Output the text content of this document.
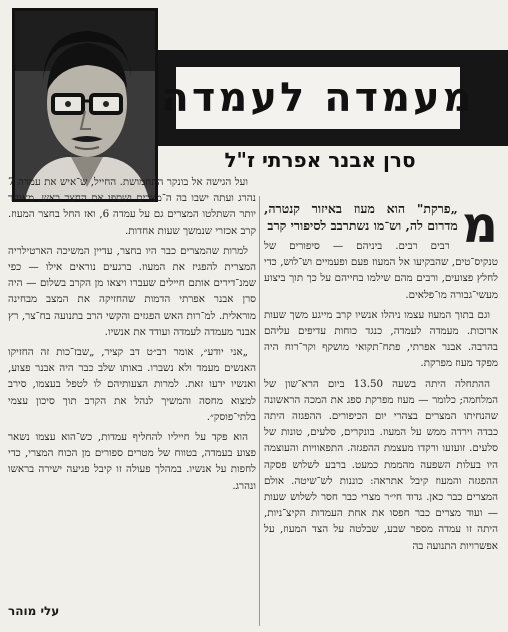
מעמדה לעמדה
סרן אבנר אפרתי ז"ל

מ
„פרקת" הוא מעוז באיזור קנטרה, מדרום לה, וש־מו נשתרבב לסיפורי קרב

רבים רבים. ביניהם — סיפורים של טנקיס־טים, שהבקיעו אל המעוז פעם ופעמיים וש־לוש, כדי לחלץ פצועים, ורבים מהם שילמו בחייהם על כך תוך ביצוע מעשי־גבורה מו־פלאים.

וגם בתוך המעוז עצמו ניהלו אנשיו קרב מייגע משך שעות ארוכות. מעמדה לעמדה, כנגד כוחות עדיפים עליהם בהרבה. אבנר אפרתי, פתח־תקואי מושקף וקר־רוח היה מפקד מעוז מפרקת.

ההתחלה היתה בשעה 13.50 ביום הרא־שון של המלחמה; כלומר — מעוז מפרקת ספג את המכה הראשונה שהנחיתו המצרים בצהרי יום הכיפורים. ההפגזה היתה כבדה וירדה ממש על המעוז. בונקרים, סלעים, טונות של סלעים. זועזעו ורקדו מעצמת ההפגזה. התפאוויות והעוצמה היו בעלות השפעה מהממת כמעט. ברבע לשלוש פסקה ההפגזה והמעוז קיבל אתראה: כוננות לש־שיטה. אולם המצרים כבר כאן. גדוד חי״ר מצרי כבר חסר לשלוש שעות — ועוד מצרים כבר חפסו את אחת העמדות הקיצ־ניות, היתה זו עמדה מספר שבע, שבלטה על הצד המעוז, על אפשרויות התנועה בה

ועל הגישה אל בונקר התחמושת. החייל, ש־איש את עמדה 7 נהרג ועתה ישבו בה ה־מצרים ושספו את החצר באש. מאוחר יותר השתלטו המצרים גם על עמדה 6, ואז החל בחצר המעוז. קרב אכזרי שנמשך שעות אחדות.

למרות שהמצרים כבר היו בחצר, עדיין המשיכה הארטילריה המצרית להפגיז את המעוז. ברגעים נוראים אילו — כפי שמנ־דירים אותם חיילים שעברו ויצאו מן הקרב בשלום — היה סרן אבנר אפרתי הדמות שהחזיקה את המצב מבחינה מוראלית. למ־רות האש הפגזים והקשי הרב בתנועה בח־צר, רץ אבנר מעמדה לעמדה ועודד את אנשיו.

„אני יודע״, אומר רב״ט דב קציר, „שבז־כות זה החזיקו האנשים מעמד ולא נשברו. באותו שלב כבר היה אבנר פצוע, ואנשיו ידעו זאת. למרות הצעותיהם לו לטפל בעצמו, סירב למצוא מחסה והמשיך לנהל את הקרב תוך סיכון עצמי בלתי־פוסק״.

הוא פקד על חייליו להחליף עמדות, כש־הוא עצמו נשאר פצוע בעמדה, בטווח של מטרים ספורים מן הכוח המצרי, כדי לחפות על אנשיו. במהלך פעולה זו קיבל פגיעה ישירה בראשו ונהרג.

עלי מוהר
